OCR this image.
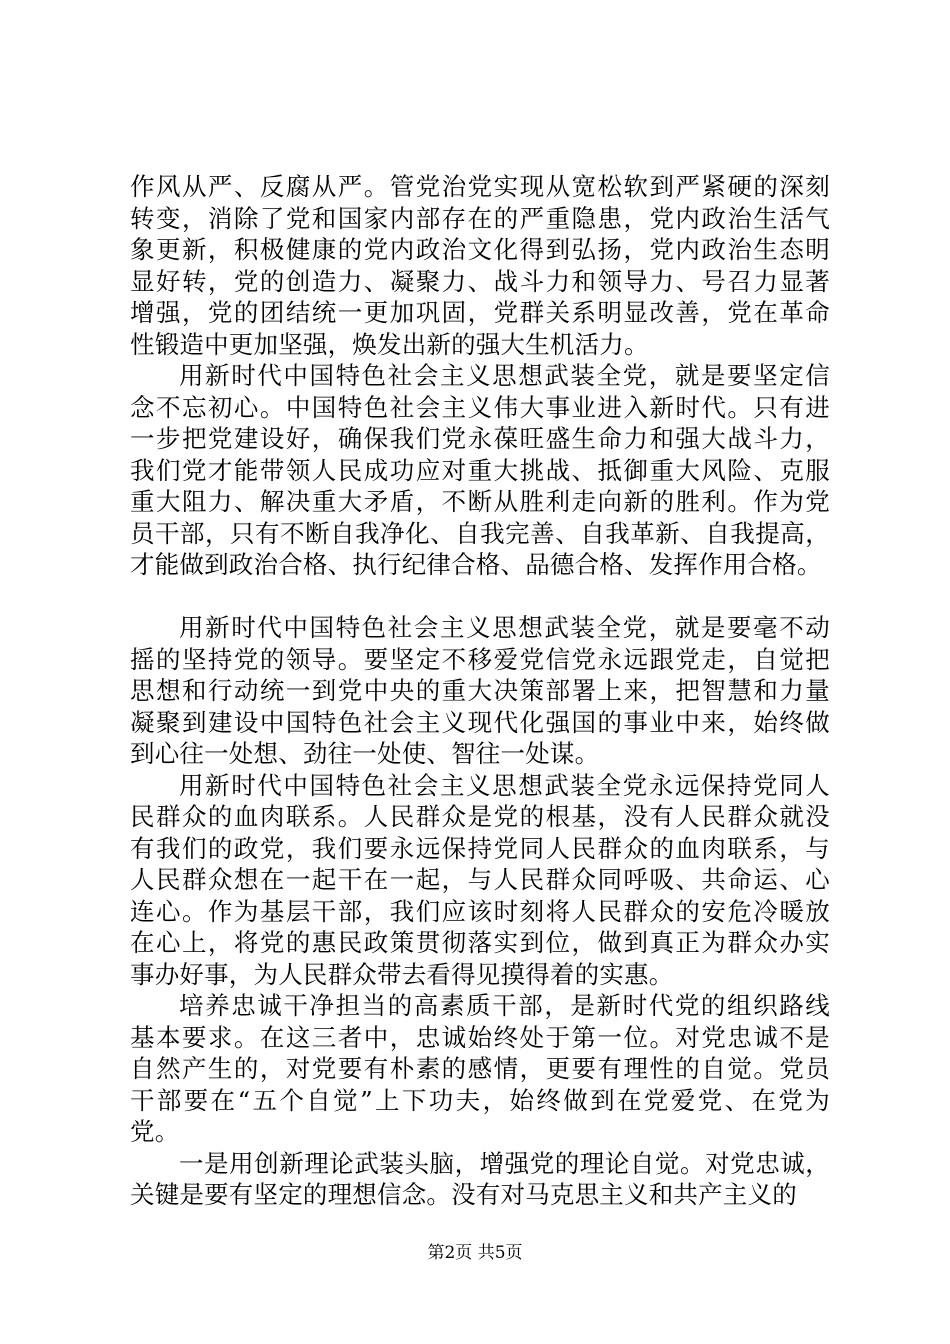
作风从严、反腐从严。管党治党实现从宽松软到严紧硬的深刻
转变，消除了党和国家内部存在的严重隐患，党内政治生活气
象更新，积极健康的党内政治文化得到弘扬，党内政治生态明
显好转，党的创造力、凝聚力、战斗力和领导力、号召力显著
增强，党的团结统一更加巩固，党群关系明显改善，党在革命
性锻造中更加坚强，焕发出新的强大生机活力。
用新时代中国特色社会主义思想武装全党，就是要坚定信
念不忘初心。中国特色社会主义伟大事业进入新时代。只有进
一步把党建设好，确保我们党永葆旺盛生命力和强大战斗力，
我们党才能带领人民成功应对重大挑战、抵御重大风险、克服
重大阻力、解决重大矛盾，不断从胜利走向新的胜利。作为党
员干部，只有不断自我净化、自我完善、自我革新、自我提高，
才能做到政治合格、执行纪律合格、品德合格、发挥作用合格。
用新时代中国特色社会主义思想武装全党，就是要毫不动
摇的坚持党的领导。要坚定不移爱党信党永远跟党走，自觉把
思想和行动统一到党中央的重大决策部署上来，把智慧和力量
凝聚到建设中国特色社会主义现代化强国的事业中来，始终做
到心往一处想、劲往一处使、智往一处谋。
用新时代中国特色社会主义思想武装全党永远保持党同人
民群众的血肉联系。人民群众是党的根基，没有人民群众就没
有我们的政党，我们要永远保持党同人民群众的血肉联系，与
人民群众想在一起干在一起，与人民群众同呼吸、共命运、心
连心。作为基层干部，我们应该时刻将人民群众的安危冷暖放
在心上，将党的惠民政策贯彻落实到位，做到真正为群众办实
事办好事，为人民群众带去看得见摸得着的实惠。
培养忠诚干净担当的高素质干部，是新时代党的组织路线
基本要求。在这三者中，忠诚始终处于第一位。对党忠诚不是
自然产生的，对党要有朴素的感情，更要有理性的自觉。党员
干部要在“五个自觉”上下功夫，始终做到在党爱党、在党为
党。
一是用创新理论武装头脑，增强党的理论自觉。对党忠诚，
关键是要有坚定的理想信念。没有对马克思主义和共产主义的
第2页 共5页
